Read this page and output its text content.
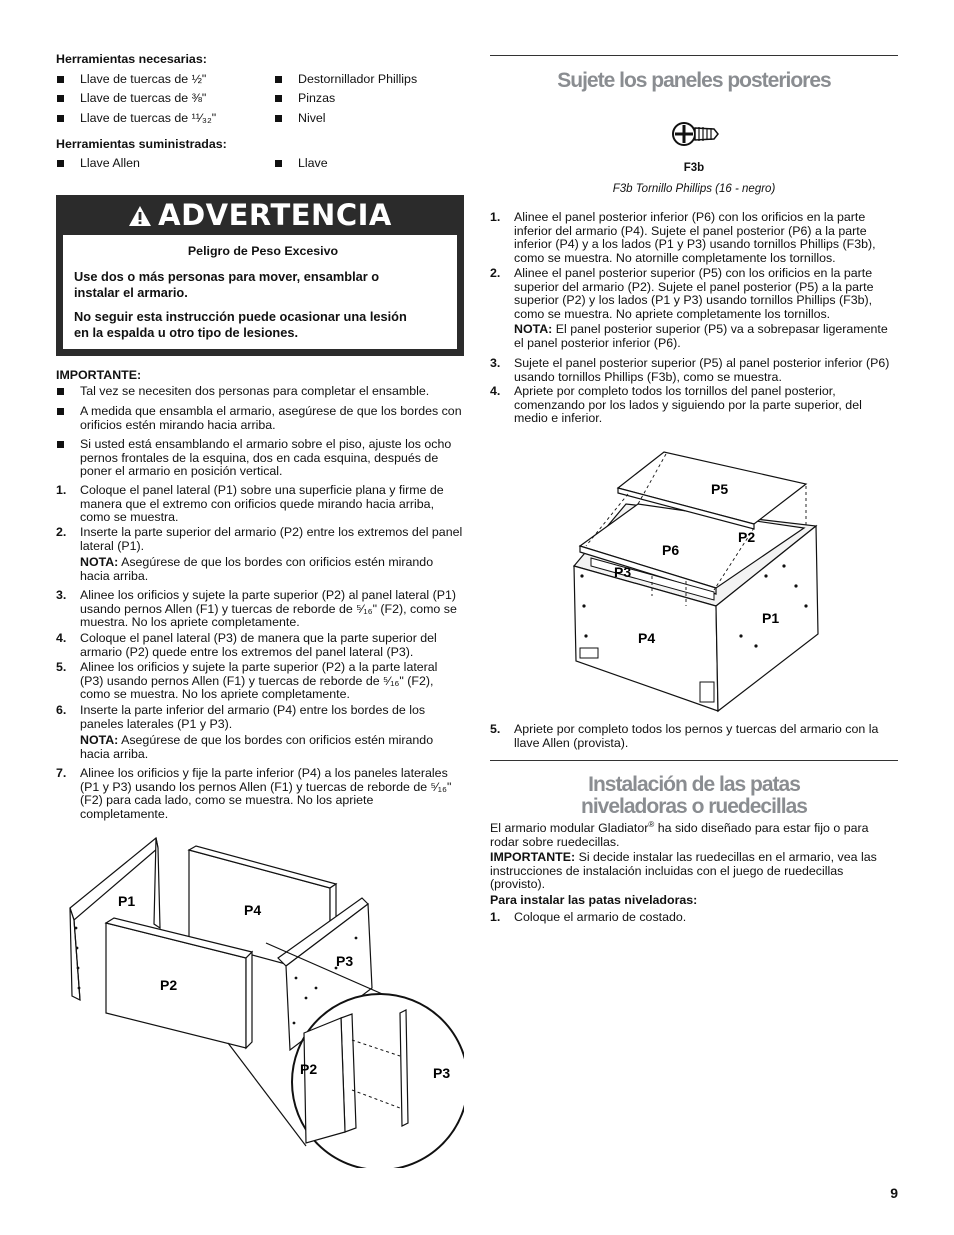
Herramientas necesarias:
Llave de tuercas de ½"
Llave de tuercas de ⅜"
Llave de tuercas de ¹¹⁄₃₂"
Destornillador Phillips
Pinzas
Nivel
Herramientas suministradas:
Llave Allen	Llave
ADVERTENCIA
Peligro de Peso Excesivo
Use dos o más personas para mover, ensamblar o instalar el armario.
No seguir esta instrucción puede ocasionar una lesión en la espalda u otro tipo de lesiones.
IMPORTANTE:
Tal vez se necesiten dos personas para completar el ensamble.
A medida que ensambla el armario, asegúrese de que los bordes con orificios estén mirando hacia arriba.
Si usted está ensamblando el armario sobre el piso, ajuste los ocho pernos frontales de la esquina, dos en cada esquina, después de poner el armario en posición vertical.
1.	Coloque el panel lateral (P1) sobre una superficie plana y firme de manera que el extremo con orificios quede mirando hacia arriba, como se muestra.
2.	Inserte la parte superior del armario (P2) entre los extremos del panel lateral (P1).
NOTA: Asegúrese de que los bordes con orificios estén mirando hacia arriba.
3.	Alinee los orificios y sujete la parte superior (P2) al panel lateral (P1) usando pernos Allen (F1) y tuercas de reborde de ⁵⁄₁₆" (F2), como se muestra. No los apriete completamente.
4.	Coloque el panel lateral (P3) de manera que la parte superior del armario (P2) quede entre los extremos del panel lateral (P3).
5.	Alinee los orificios y sujete la parte superior (P2) a la parte lateral (P3) usando pernos Allen (F1) y tuercas de reborde de ⁵⁄₁₆" (F2), como se muestra. No los apriete completamente.
6.	Inserte la parte inferior del armario (P4) entre los bordes de los paneles laterales (P1 y P3).
NOTA: Asegúrese de que los bordes con orificios estén mirando hacia arriba.
7.	Alinee los orificios y fije la parte inferior (P4) a los paneles laterales (P1 y P3) usando los pernos Allen (F1) y tuercas de reborde de ⁵⁄₁₆" (F2) para cada lado, como se muestra. No los apriete completamente.
P1
P4
P3
P2
P2	P3
Sujete los paneles posteriores
F3b
F3b Tornillo Phillips (16 - negro)
1.	Alinee el panel posterior inferior (P6) con los orificios en la parte inferior del armario (P4). Sujete el panel posterior (P6) a la parte inferior (P4) y a los lados (P1 y P3) usando tornillos Phillips (F3b), como se muestra. No atornille completamente los tornillos.
2.	Alinee el panel posterior superior (P5) con los orificios en la parte superior del armario (P2). Sujete el panel posterior (P5) a la parte superior (P2) y los lados (P1 y P3) usando tornillos Phillips (F3b), como se muestra. No apriete completamente los tornillos.
NOTA: El panel posterior superior (P5) va a sobrepasar ligeramente el panel posterior inferior (P6).
3.	Sujete el panel posterior superior (P5) al panel posterior inferior (P6) usando tornillos Phillips (F3b), como se muestra.
4.	Apriete por completo todos los tornillos del panel posterior, comenzando por los lados y siguiendo por la parte superior, del medio e inferior.
5.	Apriete por completo todos los pernos y tuercas del armario con la llave Allen (provista).
Instalación de las patas
niveladoras o ruedecillas
El armario modular Gladiator® ha sido diseñado para estar fijo o para rodar sobre ruedecillas.
IMPORTANTE: Si decide instalar las ruedecillas en el armario, vea las instrucciones de instalación incluidas con el juego de ruedecillas (provisto).
Para instalar las patas niveladoras:
1.	Coloque el armario de costado.
P5
P2
P6
P3
P1
P4
9
